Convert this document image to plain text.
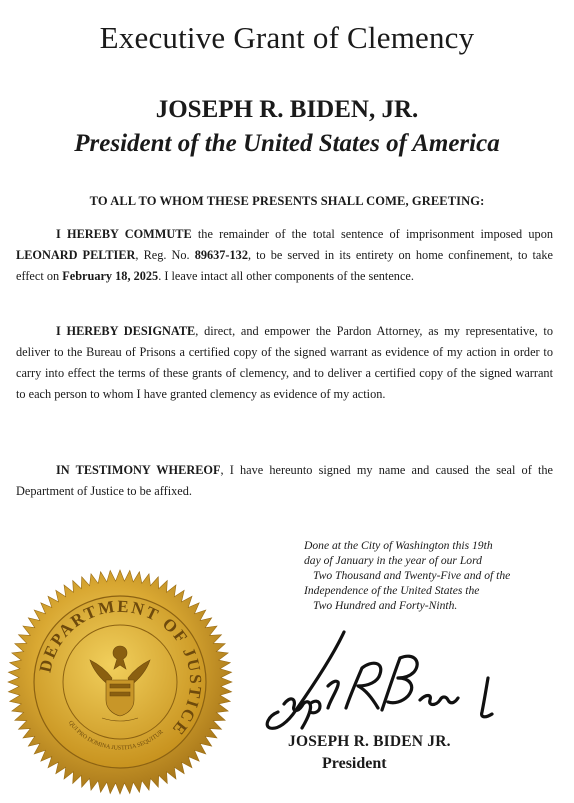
Executive Grant of Clemency
JOSEPH R. BIDEN, JR.
President of the United States of America
TO ALL TO WHOM THESE PRESENTS SHALL COME, GREETING:

I HEREBY COMMUTE the remainder of the total sentence of imprisonment imposed upon LEONARD PELTIER, Reg. No. 89637-132, to be served in its entirety on home confinement, to take effect on February 18, 2025. I leave intact all other components of the sentence.

I HEREBY DESIGNATE, direct, and empower the Pardon Attorney, as my representative, to deliver to the Bureau of Prisons a certified copy of the signed warrant as evidence of my action in order to carry into effect the terms of these grants of clemency, and to deliver a certified copy of the signed warrant to each person to whom I have granted clemency as evidence of my action.

IN TESTIMONY WHEREOF, I have hereunto signed my name and caused the seal of the Department of Justice to be affixed.

Done at the City of Washington this 19th
day of January in the year of our Lord
Two Thousand and Twenty-Five and of the
Independence of the United States the
Two Hundred and Forty-Ninth.

DEPARTMENT OF JUSTICE
QUI PRO DOMINA JUSTITIA SEQUITUR
JOSEPH R. BIDEN JR.
President
